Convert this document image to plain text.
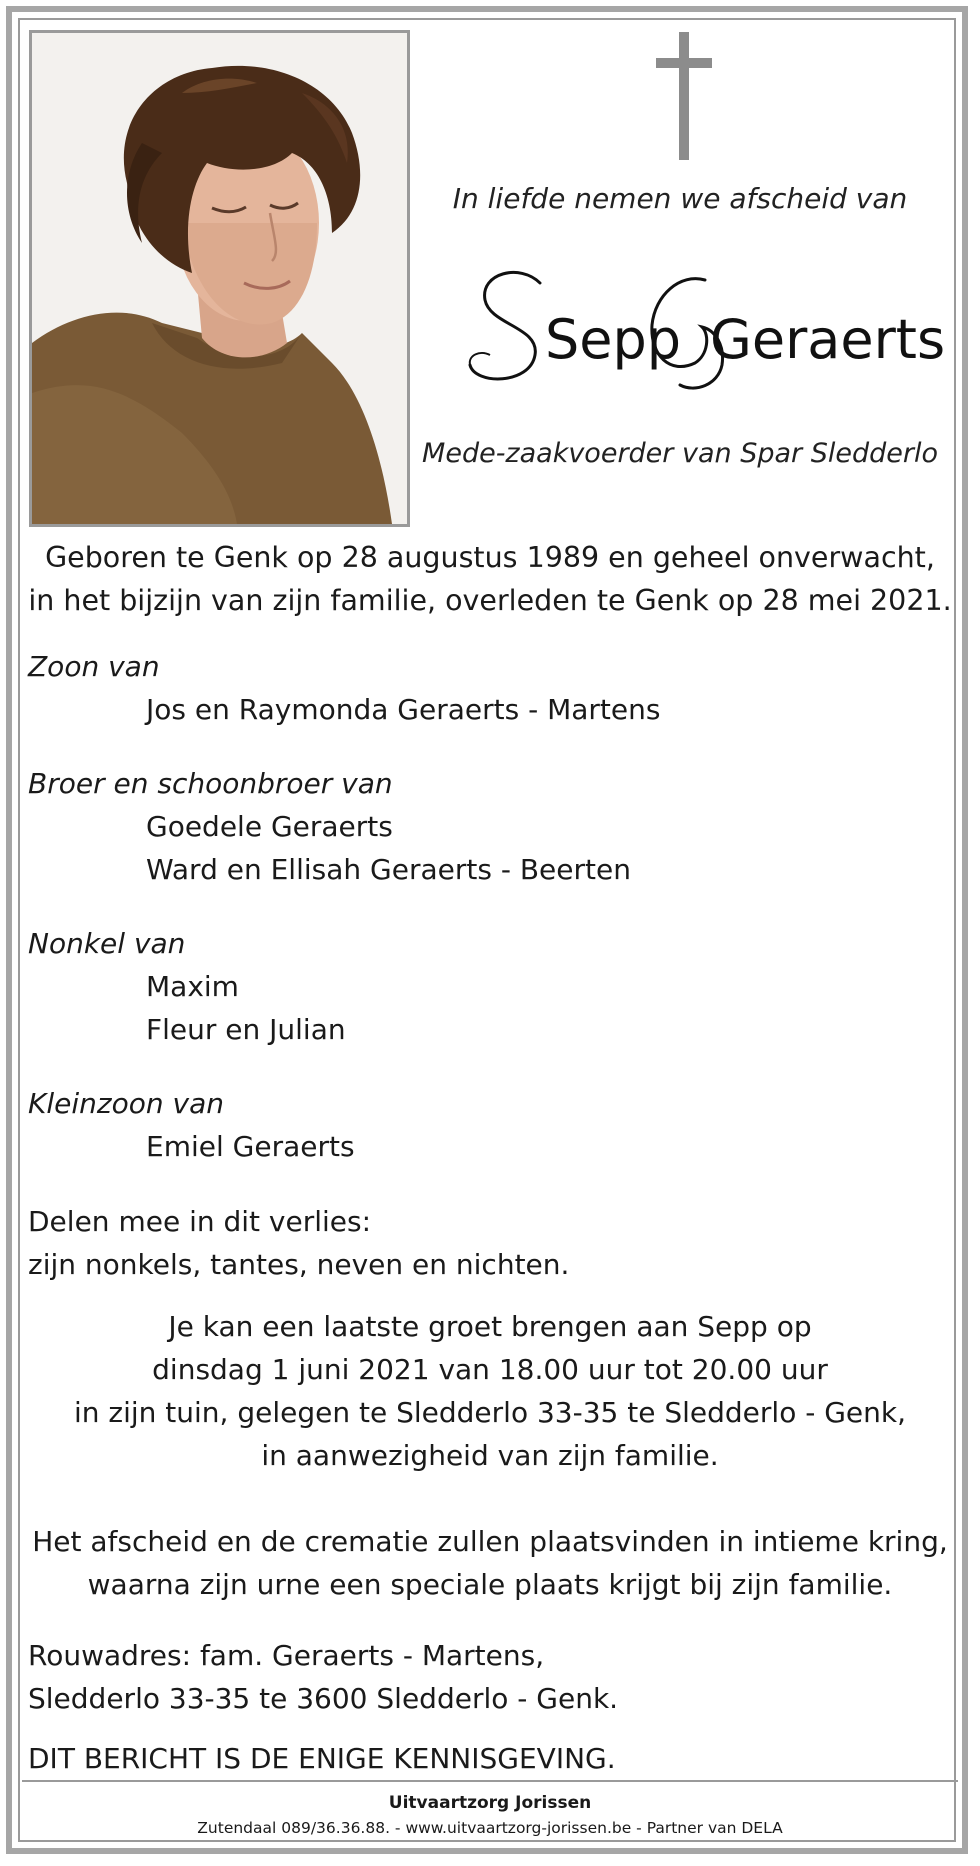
In liefde nemen we afscheid van
Sepp Geraerts
Mede-zaakvoerder van Spar Sledderlo
Geboren te Genk op 28 augustus 1989 en geheel onverwacht,
in het bijzijn van zijn familie, overleden te Genk op 28 mei 2021.
Zoon van
Jos en Raymonda Geraerts - Martens
Broer en schoonbroer van
Goedele Geraerts
Ward en Ellisah Geraerts - Beerten
Nonkel van
Maxim
Fleur en Julian
Kleinzoon van
Emiel Geraerts
Delen mee in dit verlies:
zijn nonkels, tantes, neven en nichten.
Je kan een laatste groet brengen aan Sepp op
dinsdag 1 juni 2021 van 18.00 uur tot 20.00 uur
in zijn tuin, gelegen te Sledderlo 33-35 te Sledderlo - Genk,
in aanwezigheid van zijn familie.
Het afscheid en de crematie zullen plaatsvinden in intieme kring,
waarna zijn urne een speciale plaats krijgt bij zijn familie.
Rouwadres: fam. Geraerts - Martens,
Sledderlo 33-35 te 3600 Sledderlo - Genk.
DIT BERICHT IS DE ENIGE KENNISGEVING.
Uitvaartzorg Jorissen
Zutendaal 089/36.36.88. - www.uitvaartzorg-jorissen.be - Partner van DELA
